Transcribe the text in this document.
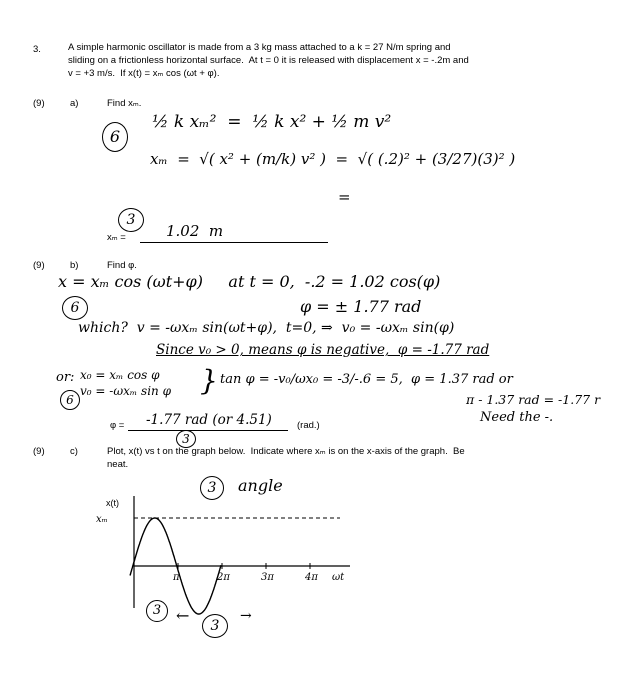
3.	A simple harmonic oscillator is made from a 3 kg mass attached to a k = 27 N/m spring and
sliding on a frictionless horizontal surface.  At t = 0 it is released with displacement x = -.2m and
v = +3 m/s.  If x(t) = xₘ cos (ωt + φ).
(9)	a)	Find xₘ.
6
½ k xₘ²  =  ½ k x² + ½ m v²
xₘ  =  √( x² + (m/k) v² )  =  √( (.2)² + (3/27)(3)² )
=
3
xₘ =	1.02  m
(9)	b)	Find φ.
x = xₘ cos (ωt+φ)     at t = 0,  -.2 = 1.02 cos(φ)
6	φ = ± 1.77 rad
which?  v = -ωxₘ sin(ωt+φ),  t=0, ⇒  v₀ = -ωxₘ sin(φ)
Since v₀ > 0, means φ is negative,  φ = -1.77 rad
or:
6
x₀ = xₘ cos φ
v₀ = -ωxₘ sin φ } tan φ = -v₀/ωx₀ = -3/-.6 = 5,  φ = 1.37 rad or
π - 1.37 rad = -1.77 r
Need the -.
φ = -1.77 rad (or 4.51)	(rad.)
3
(9)	c)	Plot, x(t) vs t on the graph below.  Indicate where xₘ is on the x-axis of the graph.  Be
neat.
3	angle
π	2π	3π	4π
x(t)
xₘ
ωt
3 ←
3
→
